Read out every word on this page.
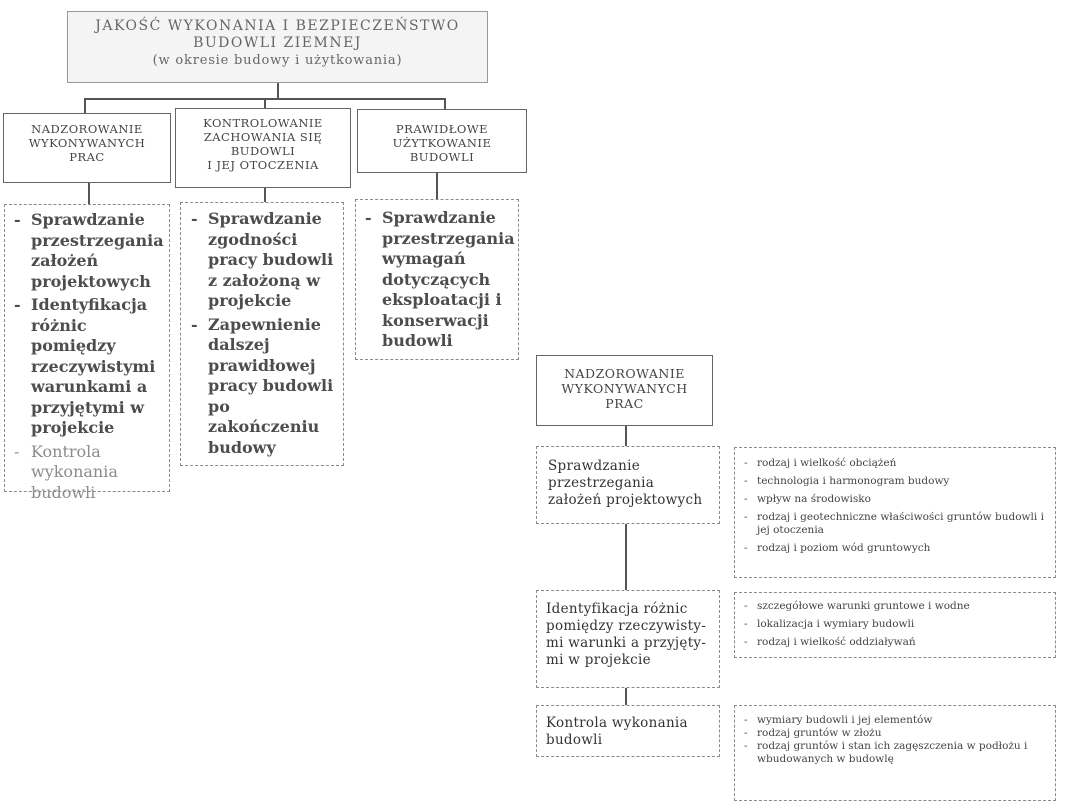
JAKOŚĆ WYKONANIA I BEZPIECZEŃSTWO
BUDOWLI ZIEMNEJ
(w okresie budowy i użytkowania)
NADZOROWANIE
WYKONYWANYCH
PRAC
KONTROLOWANIE
ZACHOWANIA SIĘ
BUDOWLI
I JEJ OTOCZENIA
PRAWIDŁOWE
UŻYTKOWANIE
BUDOWLI
- Sprawdzanie przestrzegania założeń projektowych
- Identyfikacja różnic pomiędzy rzeczywistymi warunkami a przyjętymi w projekcie
- Kontrola wykonania budowli
- Sprawdzanie zgodności pracy budowli z założoną w projekcie
- Zapewnienie dalszej prawidłowej pracy budowli po zakończeniu budowy
- Sprawdzanie przestrzegania wymagań dotyczących eksploatacji i konserwacji budowli
NADZOROWANIE
WYKONYWANYCH
PRAC
Sprawdzanie przestrzegania założeń projektowych
- rodzaj i wielkość obciążeń
- technologia i harmonogram budowy
- wpływ na środowisko
- rodzaj i geotechniczne właściwości gruntów budowli i jej otoczenia
- rodzaj i poziom wód gruntowych
Identyfikacja różnic pomiędzy rzeczywisty-mi warunki a przyjęty-mi w projekcie
- szczegółowe warunki gruntowe i wodne
- lokalizacja i wymiary budowli
- rodzaj i wielkość oddziaływań
Kontrola wykonania budowli
- wymiary budowli i jej elementów
- rodzaj gruntów w złożu
- rodzaj gruntów i stan ich zagęszczenia w podłożu i wbudowanych w budowlę
